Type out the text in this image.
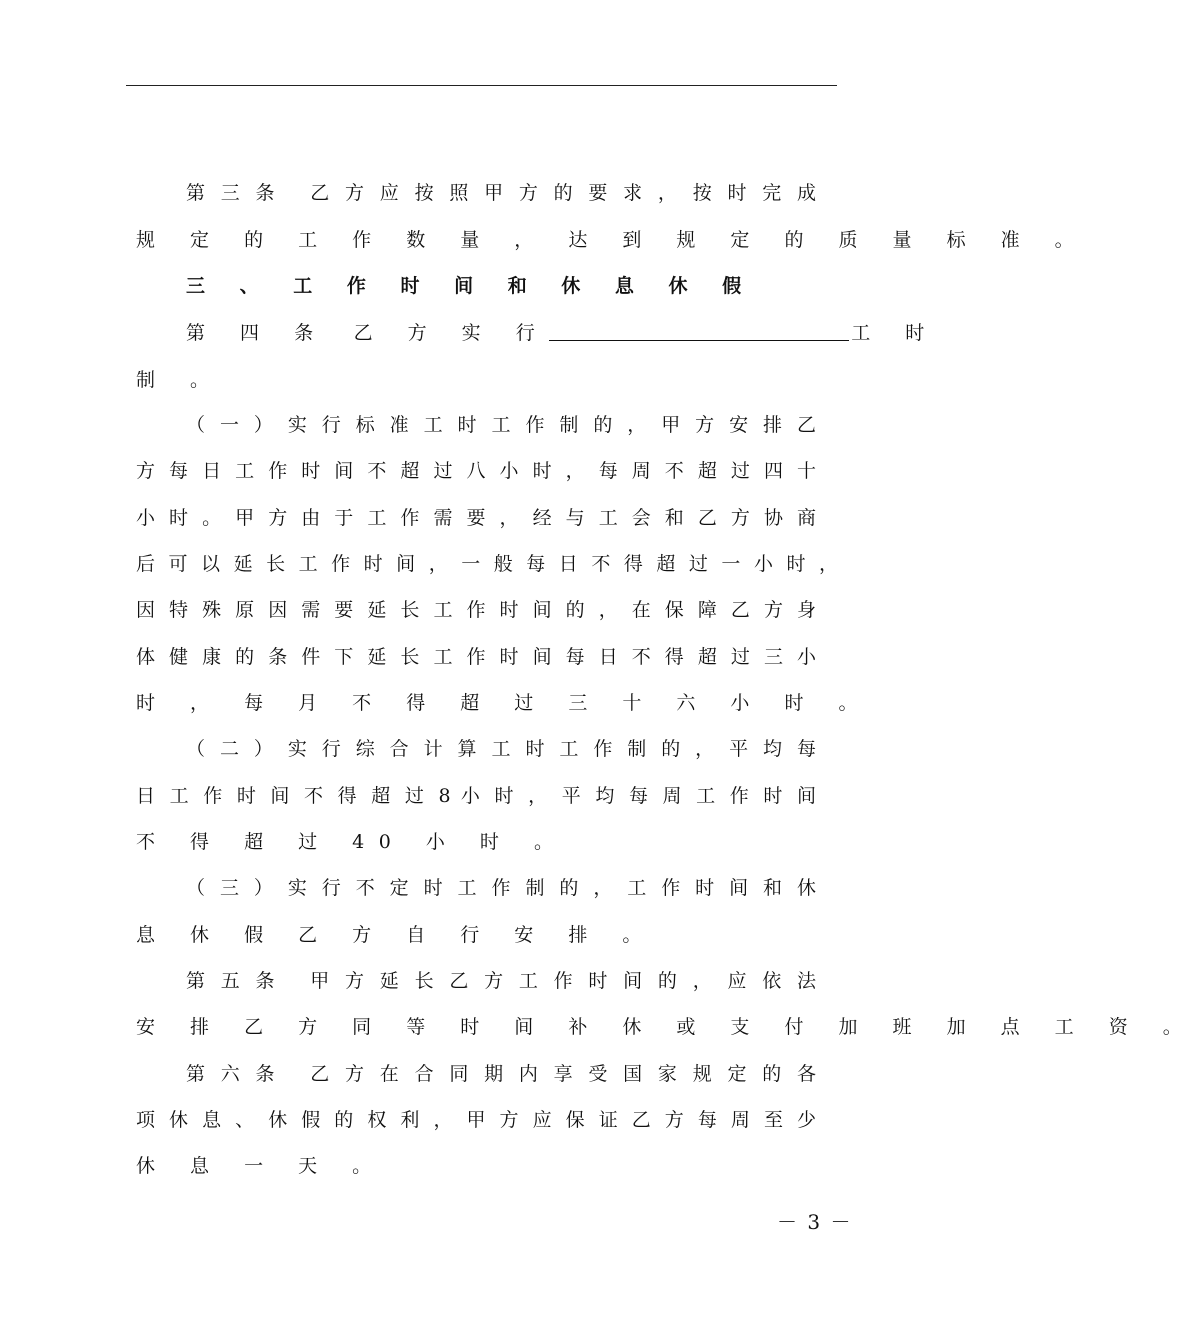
第 三 条 乙 方 应 按 照 甲 方 的 要 求 ， 按 时 完 成
规 定 的 工 作 数 量 ， 达 到 规 定 的 质 量 标 准 。
三 、 工 作 时 间 和 休 息 休 假
第 四 条 乙 方 实 行	工 时
制 。
（ 一 ） 实 行 标 准 工 时 工 作 制 的 ， 甲 方 安 排 乙
方 每 日 工 作 时 间 不 超 过 八 小 时 ， 每 周 不 超 过 四 十
小 时 。 甲 方 由 于 工 作 需 要 ， 经 与 工 会 和 乙 方 协 商
后 可 以 延 长 工 作 时 间 ， 一 般 每 日 不 得 超 过 一 小 时 ，
因 特 殊 原 因 需 要 延 长 工 作 时 间 的 ， 在 保 障 乙 方 身
体 健 康 的 条 件 下 延 长 工 作 时 间 每 日 不 得 超 过 三 小
时 ， 每 月 不 得 超 过 三 十 六 小 时 。
（ 二 ） 实 行 综 合 计 算 工 时 工 作 制 的 ， 平 均 每
日 工 作 时 间 不 得 超 过 8 小 时 ， 平 均 每 周 工 作 时 间
不 得 超 过 40 小 时 。
（ 三 ） 实 行 不 定 时 工 作 制 的 ， 工 作 时 间 和 休
息 休 假 乙 方 自 行 安 排 。
第 五 条 甲 方 延 长 乙 方 工 作 时 间 的 ， 应 依 法
安 排 乙 方 同 等 时 间 补 休 或 支 付 加 班 加 点 工 资 。
第 六 条 乙 方 在 合 同 期 内 享 受 国 家 规 定 的 各
项 休 息 、 休 假 的 权 利 ， 甲 方 应 保 证 乙 方 每 周 至 少
休 息 一 天 。
－ 3 －
